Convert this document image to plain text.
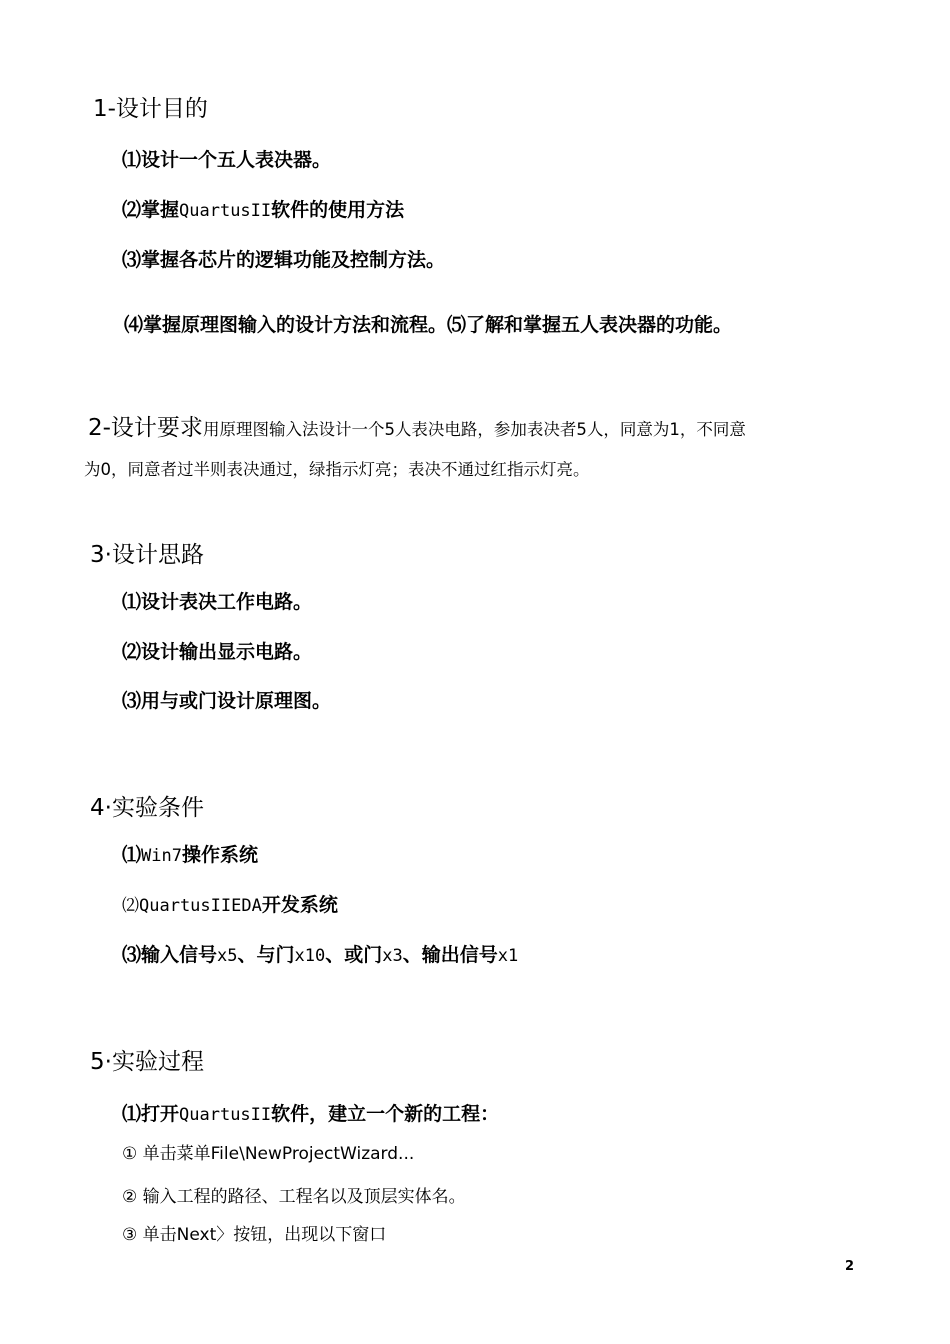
1-设计目的
⑴设计一个五人表决器。
⑵掌握QuartusII软件的使用方法
⑶掌握各芯片的逻辑功能及控制方法。
⑷掌握原理图输入的设计方法和流程。⑸了解和掌握五人表决器的功能。
2-设计要求用原理图输入法设计一个5人表决电路，参加表决者5人，同意为1，不同意
为0，同意者过半则表决通过，绿指示灯亮；表决不通过红指示灯亮。
3·设计思路
⑴设计表决工作电路。
⑵设计输出显示电路。
⑶用与或门设计原理图。
4·实验条件
⑴Win7操作系统
⑵QuartusIIEDA开发系统
⑶输入信号x5、与门x10、或门x3、输出信号x1
5·实验过程
⑴打开QuartusII软件，建立一个新的工程：
① 单击菜单File\NewProjectWizard...
② 输入工程的路径、工程名以及顶层实体名。
③ 单击Next〉按钮，出现以下窗口
2
